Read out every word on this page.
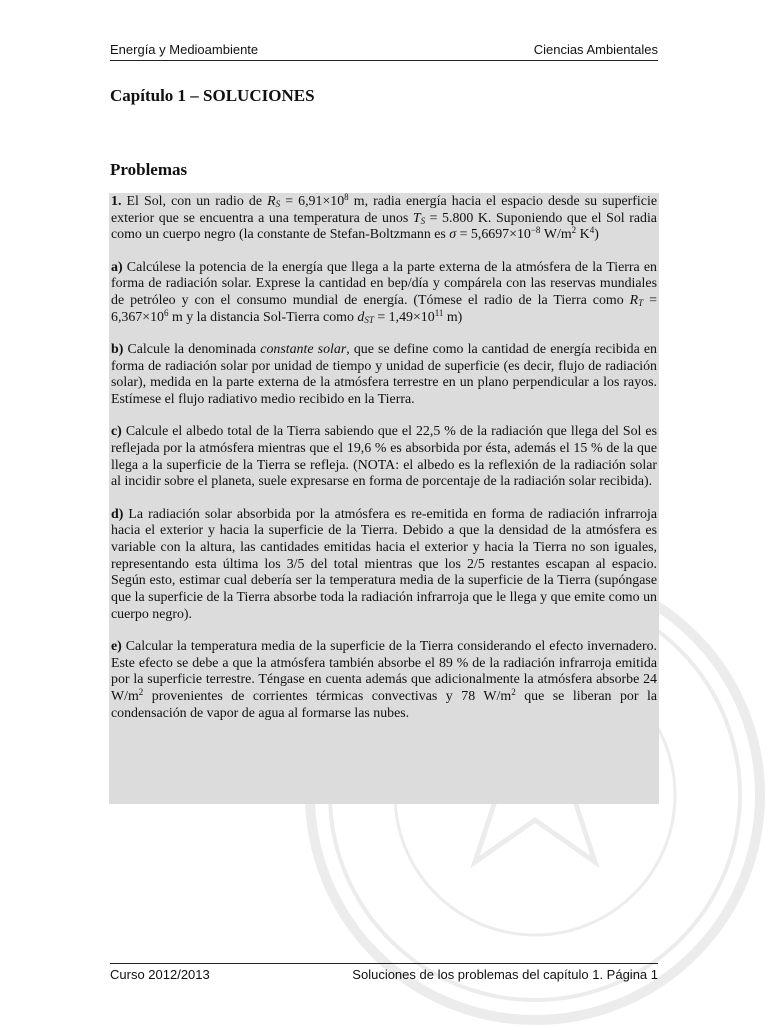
Energía y Medioambiente	Ciencias Ambientales
Capítulo 1 – SOLUCIONES
Problemas

1. El Sol, con un radio de $R_S = 6,91\times 10^8$ m, radia energía hacia el espacio desde su superficie exterior que se encuentra a una temperatura de unos $T_S = 5.800$ K. Suponiendo que el Sol radia como un cuerpo negro (la constante de Stefan-Boltzmann es $\sigma = 5,6697\times 10^{-8}$ $W/m^2$ $K^4$)

a) Calcúlese la potencia de la energía que llega a la parte externa de la atmósfera de la Tierra en forma de radiación solar. Exprese la cantidad en bep/día y compárela con las reservas mundiales de petróleo y con el consumo mundial de energía. (Tómese el radio de la Tierra como $R_T = 6,367\times 10^6$ m y la distancia Sol-Tierra como $d_{ST} = 1,49\times 10^{11}$ m)

b) Calcule la denominada constante solar, que se define como la cantidad de energía recibida en forma de radiación solar por unidad de tiempo y unidad de superficie (es decir, flujo de radiación solar), medida en la parte externa de la atmósfera terrestre en un plano perpendicular a los rayos. Estímese el flujo radiativo medio recibido en la Tierra.

c) Calcule el albedo total de la Tierra sabiendo que el 22,5 % de la radiación que llega del Sol es reflejada por la atmósfera mientras que el 19,6 % es absorbida por ésta, además el 15 % de la que llega a la superficie de la Tierra se refleja. (NOTA: el albedo es la reflexión de la radiación solar al incidir sobre el planeta, suele expresarse en forma de porcentaje de la radiación solar recibida).

d) La radiación solar absorbida por la atmósfera es re-emitida en forma de radiación infrarroja hacia el exterior y hacia la superficie de la Tierra. Debido a que la densidad de la atmósfera es variable con la altura, las cantidades emitidas hacia el exterior y hacia la Tierra no son iguales, representando esta última los 3/5 del total mientras que los 2/5 restantes escapan al espacio. Según esto, estimar cual debería ser la temperatura media de la superficie de la Tierra (supóngase que la superficie de la Tierra absorbe toda la radiación infrarroja que le llega y que emite como un cuerpo negro).

e) Calcular la temperatura media de la superficie de la Tierra considerando el efecto invernadero. Este efecto se debe a que la atmósfera también absorbe el 89 % de la radiación infrarroja emitida por la superficie terrestre. Téngase en cuenta además que adicionalmente la atmósfera absorbe 24 $W/m^2$ provenientes de corrientes térmicas convectivas y 78 $W/m^2$ que se liberan por la condensación de vapor de agua al formarse las nubes.

Curso 2012/2013	Soluciones de los problemas del capítulo 1. Página 1
